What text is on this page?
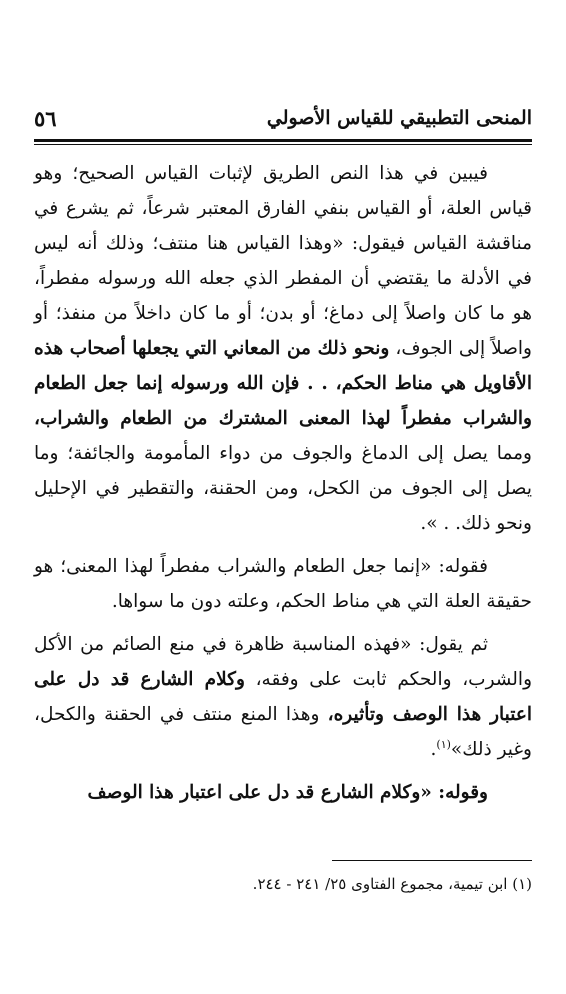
المنحى التطبيقي للقياس الأصولي
٥٦

فيبين في هذا النص الطريق لإثبات القياس الصحيح؛ وهو قياس العلة، أو القياس بنفي الفارق المعتبر شرعاً، ثم يشرع في مناقشة القياس فيقول: «وهذا القياس هنا منتف؛ وذلك أنه ليس في الأدلة ما يقتضي أن المفطر الذي جعله الله ورسوله مفطراً، هو ما كان واصلاً إلى دماغ؛ أو بدن؛ أو ما كان داخلاً من منفذ؛ أو واصلاً إلى الجوف، ونحو ذلك من المعاني التي يجعلها أصحاب هذه الأقاويل هي مناط الحكم، . . فإن الله ورسوله إنما جعل الطعام والشراب مفطراً لهذا المعنى المشترك من الطعام والشراب، ومما يصل إلى الدماغ والجوف من دواء المأمومة والجائفة؛ وما يصل إلى الجوف من الكحل، ومن الحقنة، والتقطير في الإحليل ونحو ذلك. . ».

فقوله: «إنما جعل الطعام والشراب مفطراً لهذا المعنى؛ هو حقيقة العلة التي هي مناط الحكم، وعلته دون ما سواها.

ثم يقول: «فهذه المناسبة ظاهرة في منع الصائم من الأكل والشرب، والحكم ثابت على وفقه، وكلام الشارع قد دل على اعتبار هذا الوصف وتأثيره، وهذا المنع منتف في الحقنة والكحل، وغير ذلك»$^{(١)}$.

وقوله: «وكلام الشارع قد دل على اعتبار هذا الوصف

(١) ابن تيمية، مجموع الفتاوى ٢٥/ ٢٤١ - ٢٤٤.
